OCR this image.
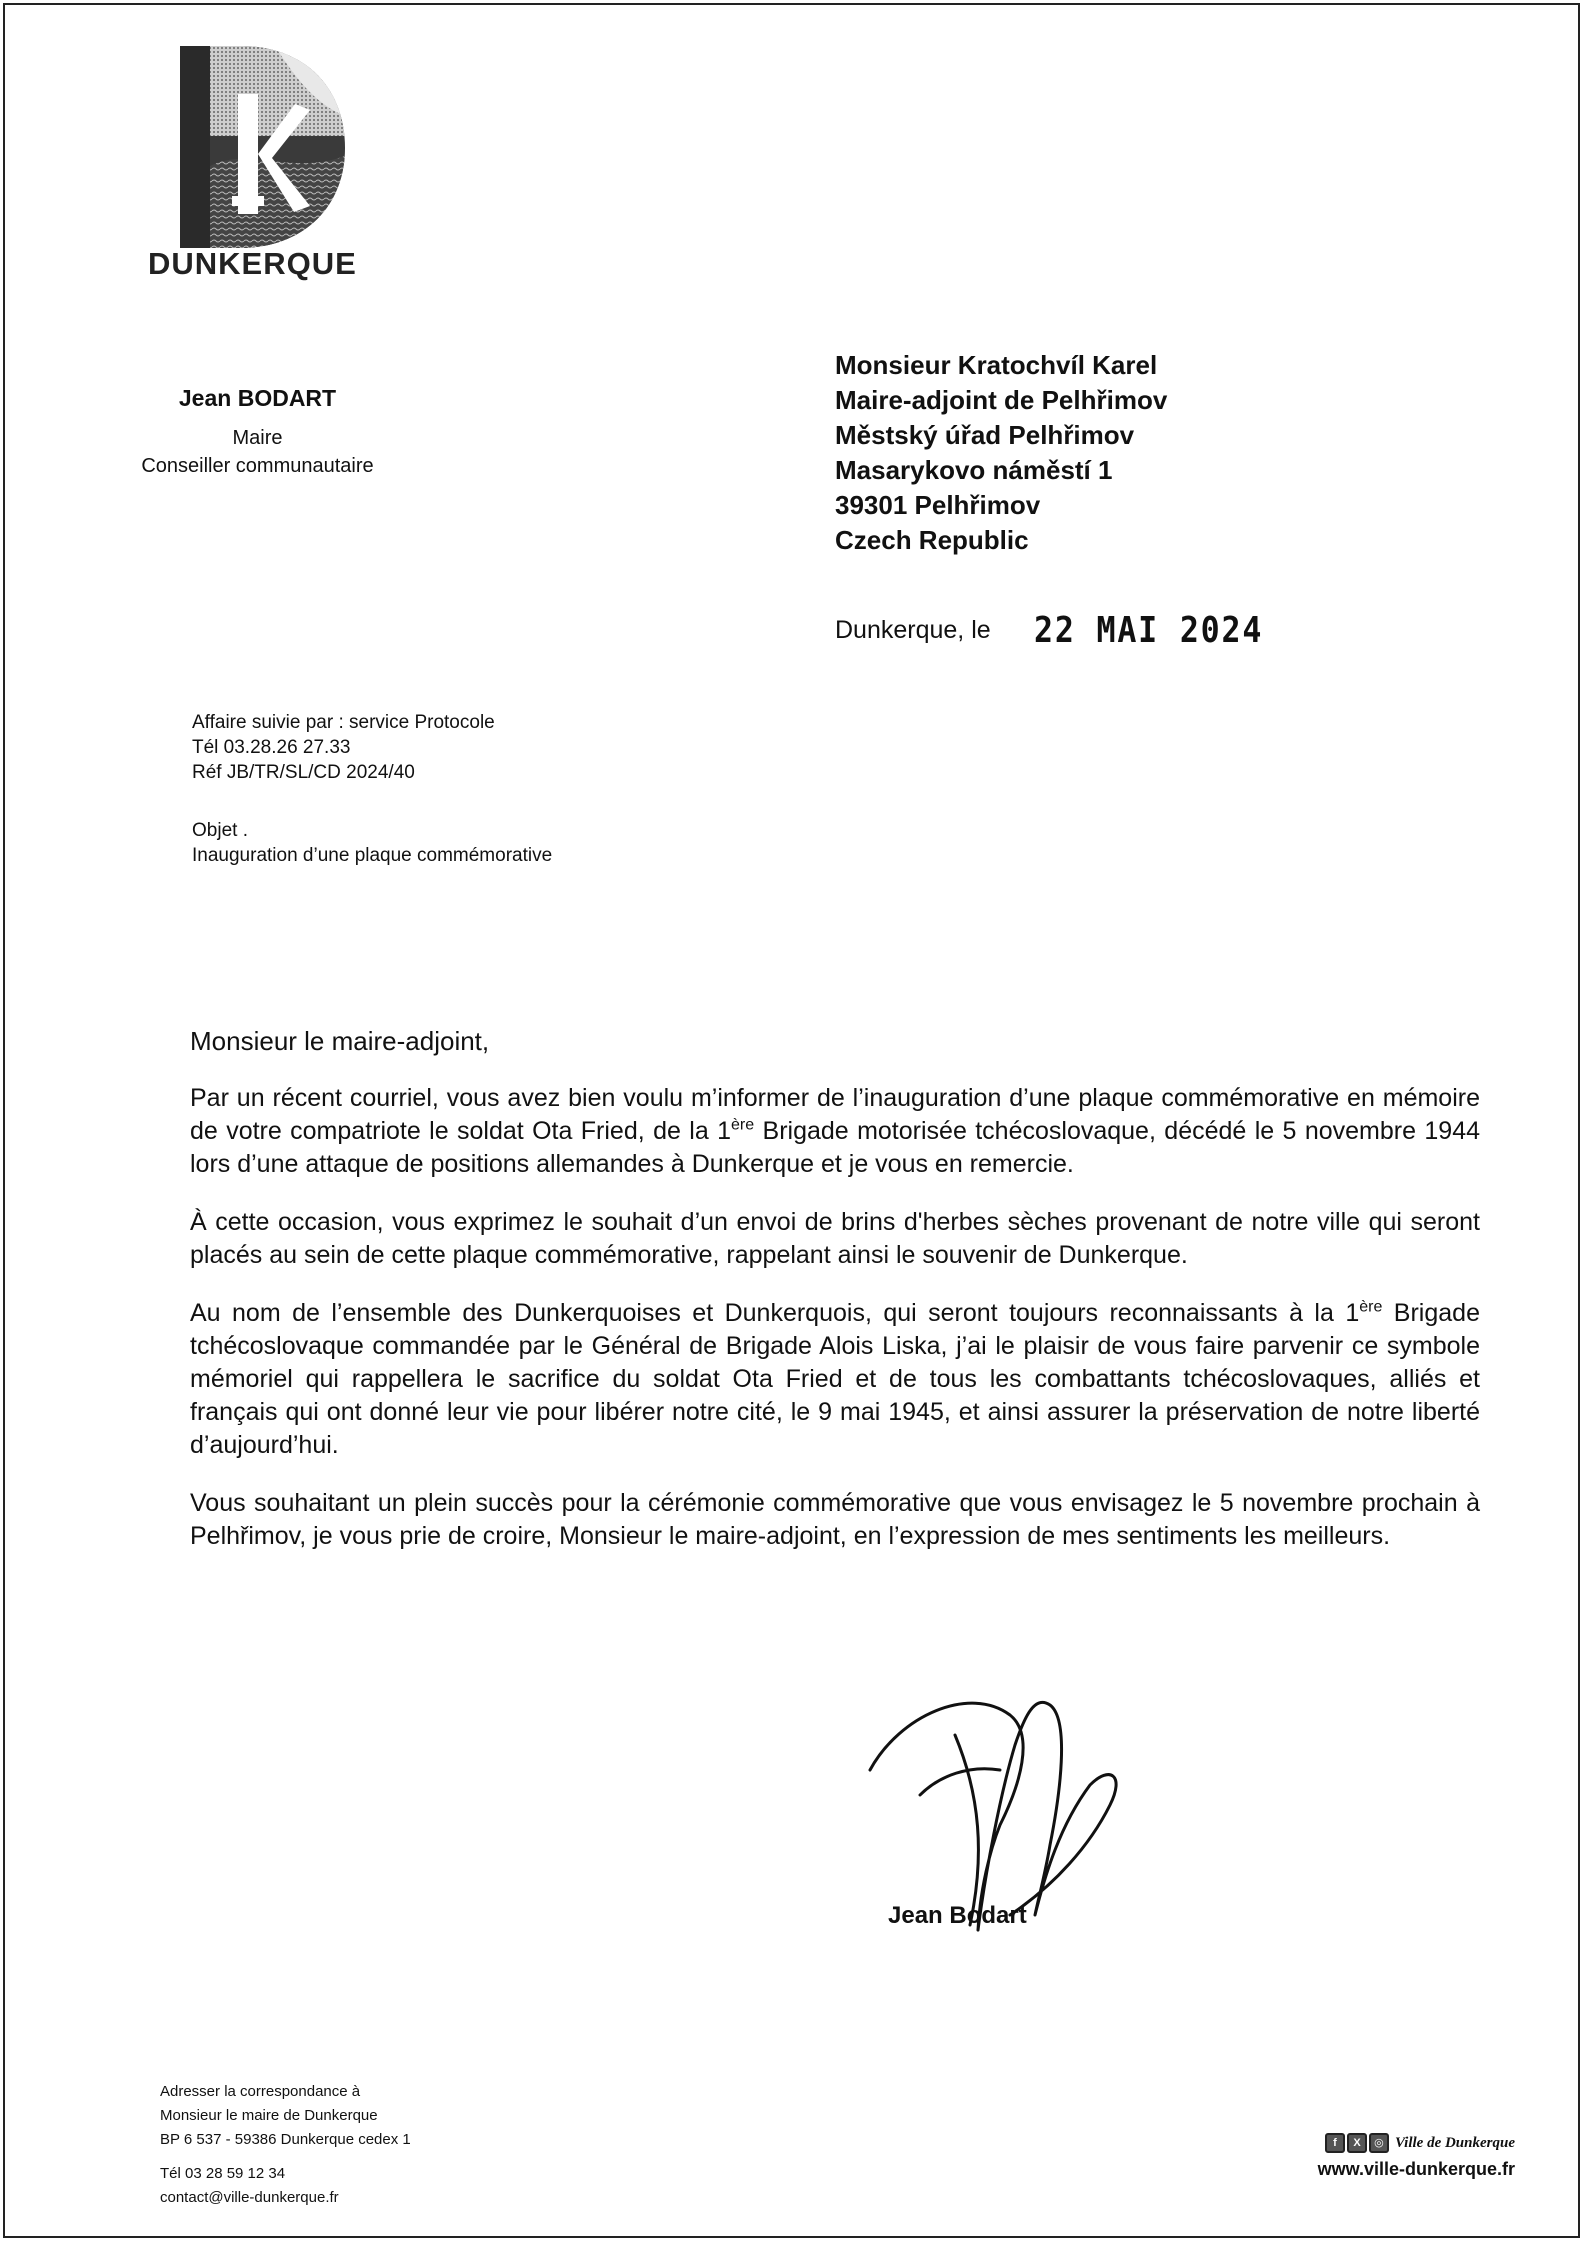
DUNKERQUE
Jean BODART
Maire
Conseiller communautaire
Monsieur Kratochvíl Karel
Maire-adjoint de Pelhřimov
Městský úřad Pelhřimov
Masarykovo náměstí 1
39301 Pelhřimov
Czech Republic
Dunkerque, le 22 MAI 2024
Affaire suivie par : service Protocole
Tél 03.28.26 27.33
Réf JB/TR/SL/CD 2024/40
Objet .
Inauguration d’une plaque commémorative

Monsieur le maire-adjoint,

Par un récent courriel, vous avez bien voulu m’informer de l’inauguration d’une plaque commémorative en mémoire de votre compatriote le soldat Ota Fried, de la 1ère Brigade motorisée tchécoslovaque, décédé le 5 novembre 1944 lors d’une attaque de positions allemandes à Dunkerque et je vous en remercie.

À cette occasion, vous exprimez le souhait d’un envoi de brins d'herbes sèches provenant de notre ville qui seront placés au sein de cette plaque commémorative, rappelant ainsi le souvenir de Dunkerque.

Au nom de l’ensemble des Dunkerquoises et Dunkerquois, qui seront toujours reconnaissants à la 1ère Brigade tchécoslovaque commandée par le Général de Brigade Alois Liska, j’ai le plaisir de vous faire parvenir ce symbole mémoriel qui rappellera le sacrifice du soldat Ota Fried et de tous les combattants tchécoslovaques, alliés et français qui ont donné leur vie pour libérer notre cité, le 9 mai 1945, et ainsi assurer la préservation de notre liberté d’aujourd’hui.

Vous souhaitant un plein succès pour la cérémonie commémorative que vous envisagez le 5 novembre prochain à Pelhřimov, je vous prie de croire, Monsieur le maire-adjoint, en l’expression de mes sentiments les meilleurs.

Jean Bodart
Adresser la correspondance à
Monsieur le maire de Dunkerque
BP 6 537 - 59386 Dunkerque cedex 1
Tél 03 28 59 12 34
contact@ville-dunkerque.fr
f	X	◎ Ville de Dunkerque
www.ville-dunkerque.fr
